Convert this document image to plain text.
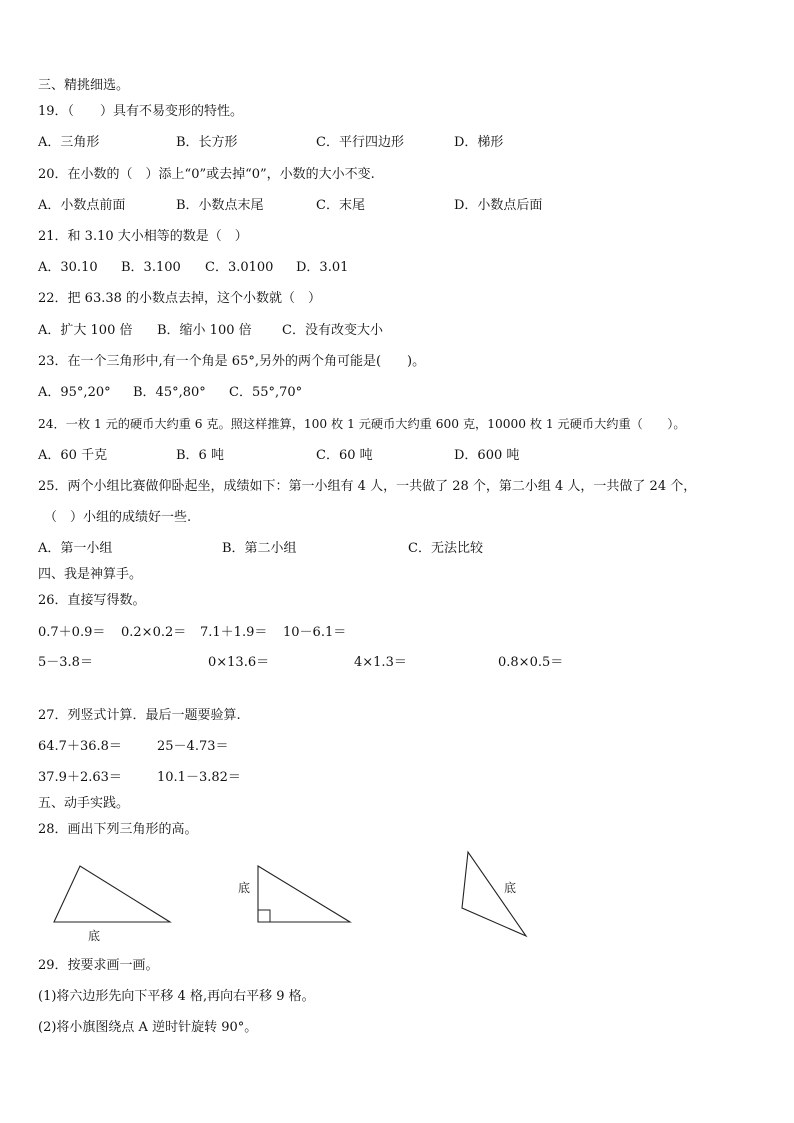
三、精挑细选。
19．（　　）具有不易变形的特性。
A．三角形	B．长方形	C．平行四边形	D．梯形
20．在小数的（　）添上“0”或去掉“0”，小数的大小不变.
A．小数点前面	B．小数点末尾	C．末尾	D．小数点后面
21．和 3.10 大小相等的数是（　）
A．30.10 B．3.100 C．3.0100 D．3.01
22．把 63.38 的小数点去掉，这个小数就（　）
A．扩大 100 倍 B．缩小 100 倍 C．没有改变大小
23．在一个三角形中,有一个角是 65°,另外的两个角可能是(　　)。
A．95°,20° B．45°,80° C．55°,70°
24．一枚 1 元的硬币大约重 6 克。照这样推算，100 枚 1 元硬币大约重 600 克，10000 枚 1 元硬币大约重（　　）。
A．60 千克	B．6 吨	C．60 吨	D．600 吨
25．两个小组比赛做仰卧起坐，成绩如下：第一小组有 4 人，一共做了 28 个，第二小组 4 人，一共做了 24 个，
（　）小组的成绩好一些.
A．第一小组	B．第二小组	C．无法比较
四、我是神算手。
26．直接写得数。
0.7＋0.9＝ 0.2×0.2＝ 7.1＋1.9＝ 10－6.1＝
5－3.8＝	0×13.6＝	4×1.3＝	0.8×0.5＝
27．列竖式计算．最后一题要验算.
64.7＋36.8＝	25－4.73＝
37.9＋2.63＝	10.1－3.82＝
五、动手实践。
28．画出下列三角形的高。
底
底	底
29．按要求画一画。
(1)将六边形先向下平移 4 格,再向右平移 9 格。
(2)将小旗图绕点 A 逆时针旋转 90°。
